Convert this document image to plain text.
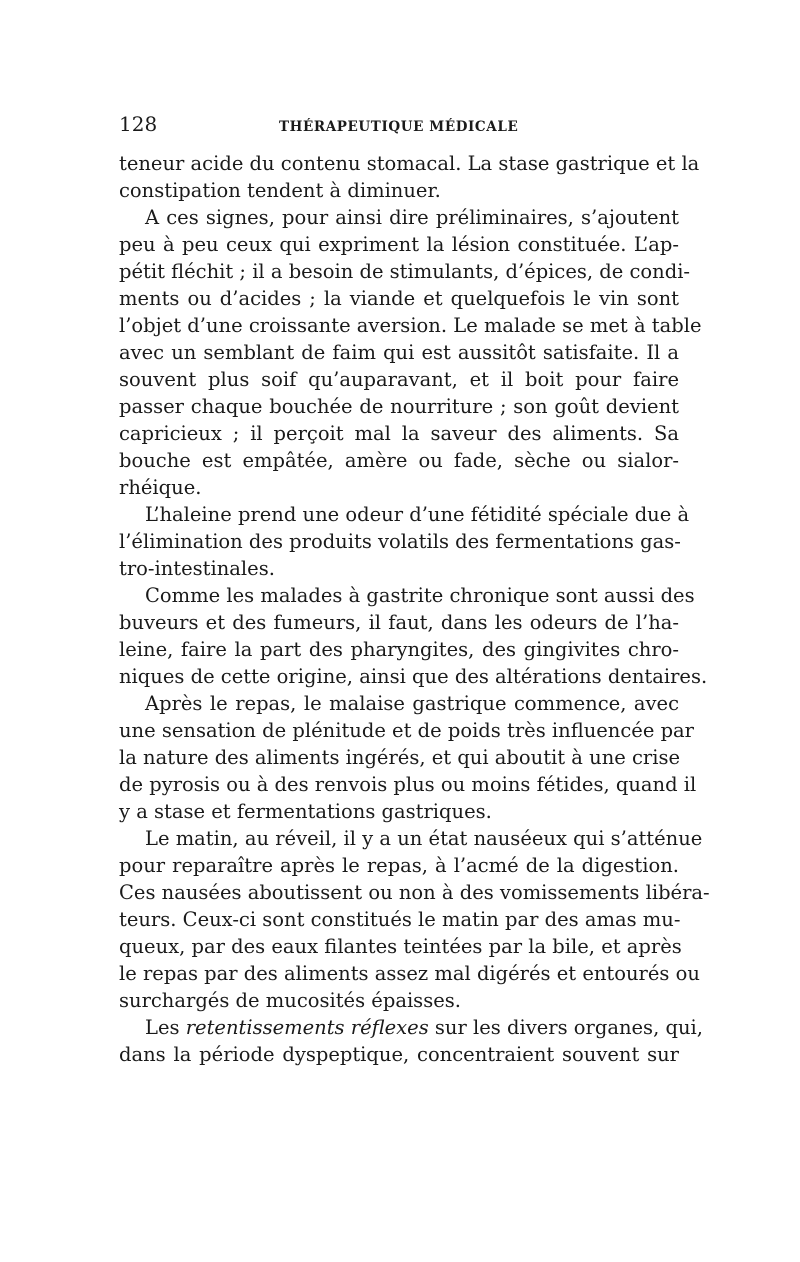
128	THÉRAPEUTIQUE MÉDICALE
teneur acide du contenu stomacal. La stase gastrique et la
constipation tendent à diminuer.
A ces signes, pour ainsi dire préliminaires, s’ajoutent
peu à peu ceux qui expriment la lésion constituée. L’ap-
pétit fléchit ; il a besoin de stimulants, d’épices, de condi-
ments ou d’acides ; la viande et quelquefois le vin sont
l’objet d’une croissante aversion. Le malade se met à table
avec un semblant de faim qui est aussitôt satisfaite. Il a
souvent plus soif qu’auparavant, et il boit pour faire
passer chaque bouchée de nourriture ; son goût devient
capricieux ; il perçoit mal la saveur des aliments. Sa
bouche est empâtée, amère ou fade, sèche ou sialor-
rhéique.
L’haleine prend une odeur d’une fétidité spéciale due à
l’élimination des produits volatils des fermentations gas-
tro-intestinales.
Comme les malades à gastrite chronique sont aussi des
buveurs et des fumeurs, il faut, dans les odeurs de l’ha-
leine, faire la part des pharyngites, des gingivites chro-
niques de cette origine, ainsi que des altérations dentaires.
Après le repas, le malaise gastrique commence, avec
une sensation de plénitude et de poids très influencée par
la nature des aliments ingérés, et qui aboutit à une crise
de pyrosis ou à des renvois plus ou moins fétides, quand il
y a stase et fermentations gastriques.
Le matin, au réveil, il y a un état nauséeux qui s’atténue
pour reparaître après le repas, à l’acmé de la digestion.
Ces nausées aboutissent ou non à des vomissements libéra-
teurs. Ceux-ci sont constitués le matin par des amas mu-
queux, par des eaux filantes teintées par la bile, et après
le repas par des aliments assez mal digérés et entourés ou
surchargés de mucosités épaisses.
Les retentissements réflexes sur les divers organes, qui,
dans la période dyspeptique, concentraient souvent sur
